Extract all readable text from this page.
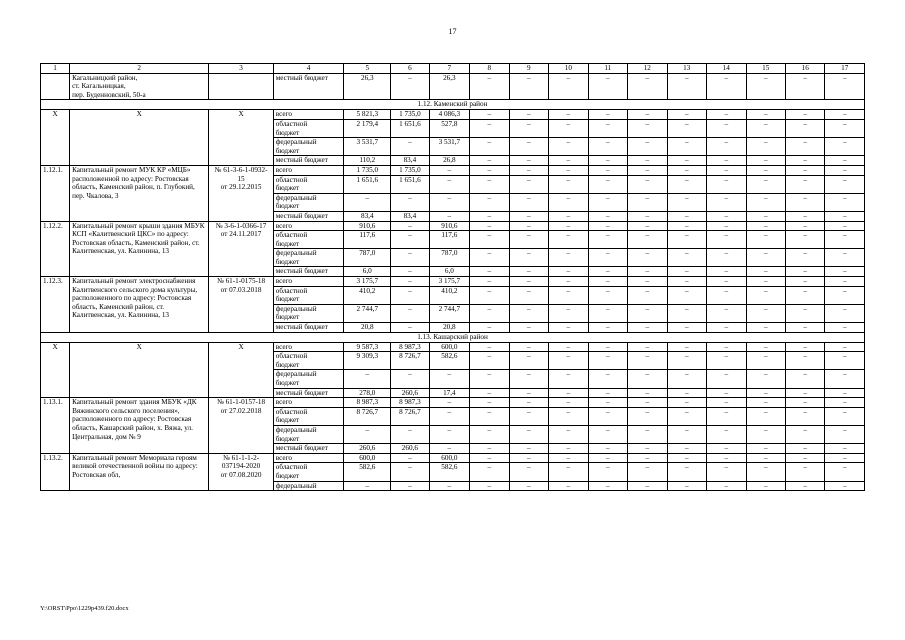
17
1	2	3	4	5	6	7	8	9	10	11	12	13	14	15	16	17
	Кагальницкий район,
ст. Кагальницкая,
пер. Буденновский, 50-а		местный бюджет	26,3	–	26,3	–	–	–	–	–	–	–	–	–	–
1.12. Каменский район																
X	X	X	всего	5 821,3	1 735,0	4 086,3	–	–	–	–	–	–	–	–	–	–
			областной
бюджет	2 179,4	1 651,6	527,8	–	–	–	–	–	–	–	–	–	–
			федеральный
бюджет	3 531,7	–	3 531,7	–	–	–	–	–	–	–	–	–	–
			местный бюджет	110,2	83,4	26,8	–	–	–	–	–	–	–	–	–	–
1.12.1.	Капитальный ремонт МУК КР «МЦБ» расположенной по адресу: Ростовская область, Каменский район, п. Глубокий, пер. Чкалова, 3	№ 61-3-6-1-0932-15
от 29.12.2015	всего	1 735,0	1 735,0	–	–	–	–	–	–	–	–	–	–	–
			областной
бюджет	1 651,6	1 651,6	–	–	–	–	–	–	–	–	–	–	–
			федеральный
бюджет	–	–	–	–	–	–	–	–	–	–	–	–	–
			местный бюджет	83,4	83,4	–	–	–	–	–	–	–	–	–	–	–
1.12.2.	Капитальный ремонт крыши здания МБУК КСП «Калитвенский ЦКС» по адресу: Ростовская область, Каменский район, ст. Калитвенская, ул. Калинина, 13	№ 3-6-1-0366-17
от 24.11.2017	всего	910,6	–	910,6	–	–	–	–	–	–	–	–	–	–
			областной
бюджет	117,6	–	117,6	–	–	–	–	–	–	–	–	–	–
			федеральный
бюджет	787,0	–	787,0	–	–	–	–	–	–	–	–	–	–
			местный бюджет	6,0	–	6,0	–	–	–	–	–	–	–	–	–	–
1.12.3.	Капитальный ремонт электроснабжения Калитвенского сельского дома культуры, расположенного по адресу: Ростовская область, Каменский район, ст. Калитвенская, ул. Калинина, 13	№ 61-1-0175-18
от 07.03.2018	всего	3 175,7	–	3 175,7	–	–	–	–	–	–	–	–	–	–
			областной
бюджет	410,2	–	410,2	–	–	–	–	–	–	–	–	–	–
			федеральный
бюджет	2 744,7	–	2 744,7	–	–	–	–	–	–	–	–	–	–
			местный бюджет	20,8	–	20,8	–	–	–	–	–	–	–	–	–	–
1.13. Кашарский район																
X	X	X	всего	9 587,3	8 987,3	600,0	–	–	–	–	–	–	–	–	–	–
			областной
бюджет	9 309,3	8 726,7	582,6	–	–	–	–	–	–	–	–	–	–
			федеральный
бюджет	–	–	–	–	–	–	–	–	–	–	–	–	–
			местный бюджет	278,0	260,6	17,4	–	–	–	–	–	–	–	–	–	–
1.13.1.	Капитальный ремонт здания МБУК «ДК Вяжинского сельского поселения», расположенного по адресу: Ростовская область, Кашарский район, х. Вяжа, ул. Центральная, дом № 9	№ 61-1-0157-18
от 27.02.2018	всего	8 987,3	8 987,3	–	–	–	–	–	–	–	–	–	–	–
			областной
бюджет	8 726,7	8 726,7	–	–	–	–	–	–	–	–	–	–	–
			федеральный
бюджет	–	–	–	–	–	–	–	–	–	–	–	–	–
			местный бюджет	260,6	260,6	–	–	–	–	–	–	–	–	–	–	–
1.13.2.	Капитальный ремонт Мемориала героям великой отечественной войны по адресу: Ростовская обл,	№ 61-1-1-2-037194-2020
от 07.08.2020	всего	600,0	–	600,0	–	–	–	–	–	–	–	–	–	–
			областной
бюджет	582,6	–	582,6	–	–	–	–	–	–	–	–	–	–
			федеральный	–	–	–	–	–	–	–	–	–	–	–	–	–
Y:\ORST\Ppo\1229p439.f20.docx
